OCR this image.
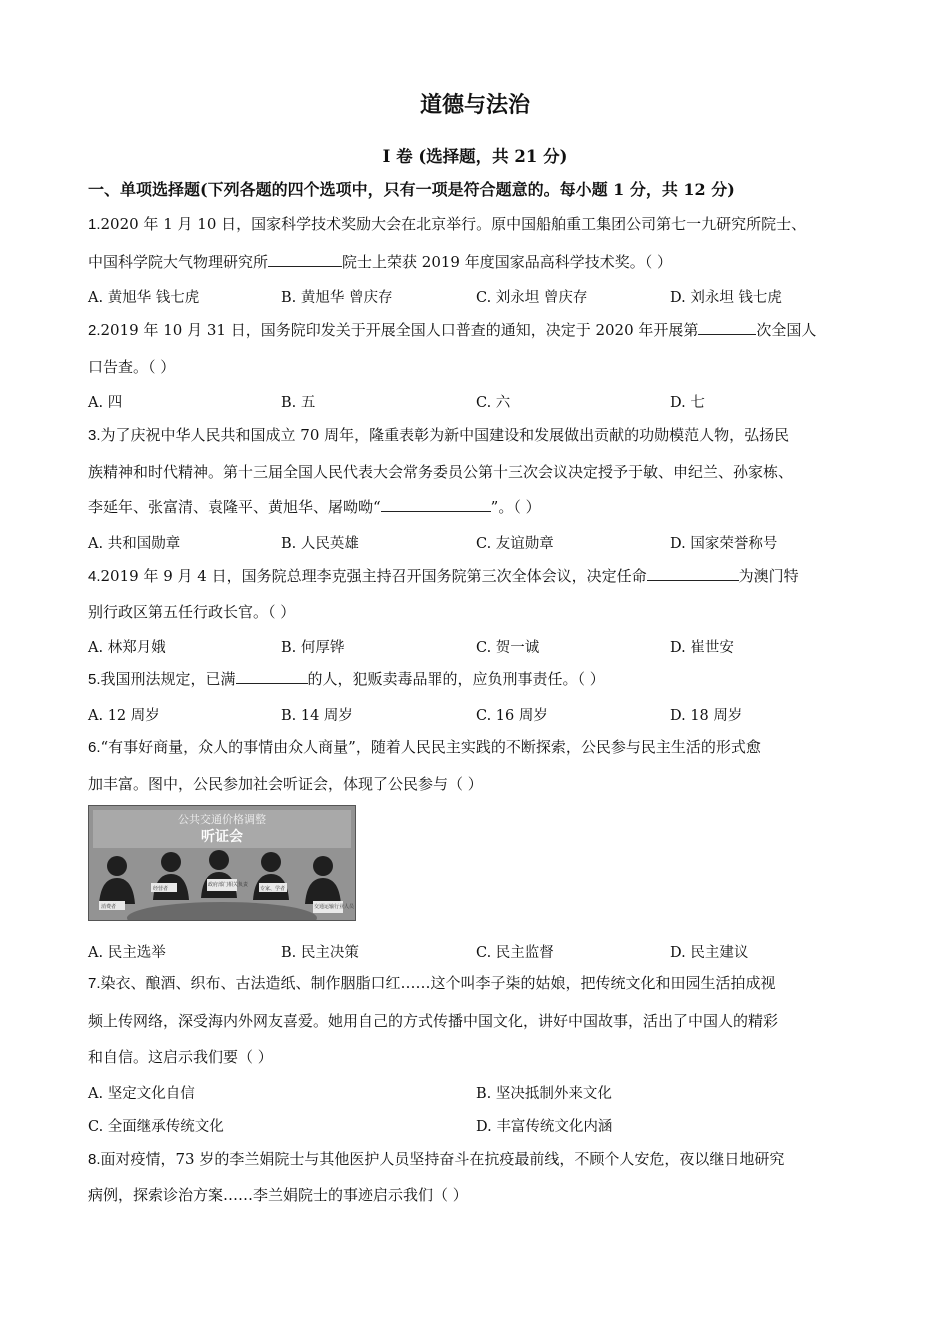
道德与法治
Ⅰ 卷 (选择题，共 21 分)
一、单项选择题(下列各题的四个选项中，只有一项是符合题意的。每小题 1 分，共 12 分)
1.2020 年 1 月 10 日，国家科学技术奖励大会在北京举行。原中国船舶重工集团公司第七一九研究所院士、
中国科学院大气物理研究所	院士上荣获 2019 年度国家品高科学技术奖。（ ）
A. 黄旭华 钱七虎	B. 黄旭华 曾庆存	C. 刘永坦 曾庆存	D. 刘永坦 钱七虎
2.2019 年 10 月 31 日，国务院印发关于开展全国人口普查的通知，决定于 2020 年开展第	次全国人
口告查。（ ）
A. 四	B. 五	C. 六	D. 七
3.为了庆祝中华人民共和国成立 70 周年，隆重表彰为新中国建设和发展做出贡献的功勋模范人物，弘扬民
族精神和时代精神。第十三届全国人民代表大会常务委员公第十三次会议决定授予于敏、申纪兰、孙家栋、
李延年、张富清、袁隆平、黄旭华、屠呦呦“	”。（ ）
A. 共和国勋章	B. 人民英雄	C. 友谊勋章	D. 国家荣誉称号
4.2019 年 9 月 4 日，国务院总理李克强主持召开国务院第三次全体会议，决定任命	为澳门特
别行政区第五任行政长官。（ ）
A. 林郑月娥	B. 何厚铧	C. 贺一诚	D. 崔世安
5.我国刑法规定，已满	的人，犯贩卖毒品罪的，应负刑事责任。（ ）
A. 12 周岁	B. 14 周岁	C. 16 周岁	D. 18 周岁
6.“有事好商量，众人的事情由众人商量”，随着人民民主实践的不断探索，公民参与民主生活的形式愈
加丰富。图中，公民参加社会听证会，体现了公民参与（ ）
公共交通价格调整
听证会
消费者
经营者
政府部门相关负责
专家、学者
交通运输行业人员
A. 民主选举	B. 民主决策	C. 民主监督	D. 民主建议
7.染衣、酿酒、织布、古法造纸、制作胭脂口红……这个叫李子柒的姑娘，把传统文化和田园生活拍成视
频上传网络，深受海内外网友喜爱。她用自己的方式传播中国文化，讲好中国故事，活出了中国人的精彩
和自信。这启示我们要（ ）
A. 坚定文化自信	B. 坚决抵制外来文化
C. 全面继承传统文化	D. 丰富传统文化内涵
8.面对疫情，73 岁的李兰娟院士与其他医护人员坚持奋斗在抗疫最前线，不顾个人安危，夜以继日地研究
病例，探索诊治方案……李兰娟院士的事迹启示我们（ ）
